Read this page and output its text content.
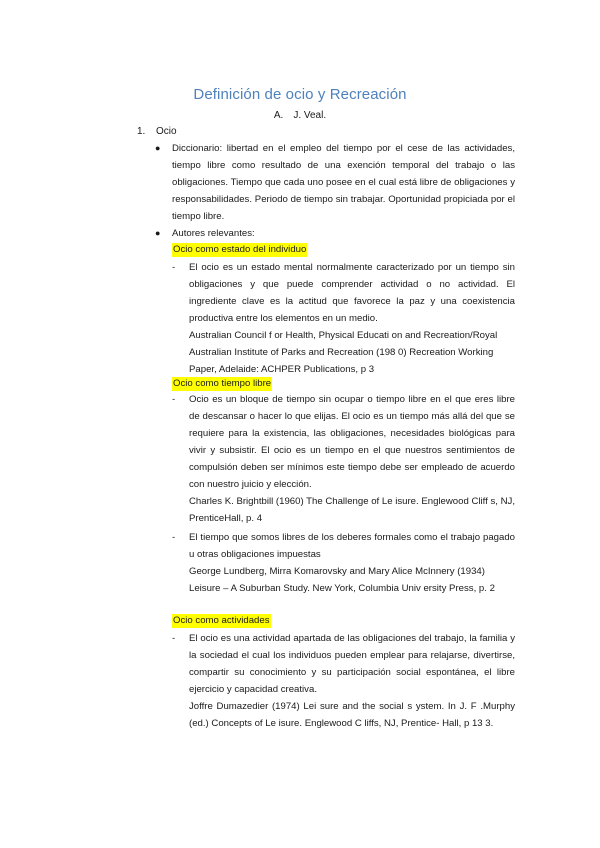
Definición de ocio y Recreación
A. J. Veal.
1. Ocio
●	Diccionario: libertad en el empleo del tiempo por el cese de las actividades, tiempo libre como resultado de una exención temporal del trabajo o las obligaciones. Tiempo que cada uno posee en el cual está libre de obligaciones y responsabilidades. Periodo de tiempo sin trabajar. Oportunidad propiciada por el tiempo libre.
●	Autores relevantes:
Ocio como estado del individuo
- El ocio es un estado mental normalmente caracterizado por un tiempo sin obligaciones y que puede comprender actividad o no actividad. El ingrediente clave es la actitud que favorece la paz y una coexistencia productiva entre los elementos en un medio.
Australian Council f or Health, Physical Educati on and Recreation/Royal Australian Institute of Parks and Recreation (198 0) Recreation Working Paper, Adelaide: ACHPER Publications, p 3
Ocio como tiempo libre
- Ocio es un bloque de tiempo sin ocupar o tiempo libre en el que eres libre de descansar o hacer lo que elijas. El ocio es un tiempo más allá del que se requiere para la existencia, las obligaciones, necesidades biológicas para vivir y subsistir. El ocio es un tiempo en el que nuestros sentimientos de compulsión deben ser mínimos este tiempo debe ser empleado de acuerdo con nuestro juicio y elección.
Charles K. Brightbill (1960) The Challenge of Le isure. Englewood Cliff s, NJ, PrenticeHall, p. 4
- El tiempo que somos libres de los deberes formales como el trabajo pagado u otras obligaciones impuestas
George Lundberg, Mirra Komarovsky and Mary Alice McInnery (1934) Leisure – A Suburban Study. New York, Columbia Univ ersity Press, p. 2
Ocio como actividades
- El ocio es una actividad apartada de las obligaciones del trabajo, la familia y la sociedad el cual los individuos pueden emplear para relajarse, divertirse, compartir su conocimiento y su participación social espontánea, el libre ejercicio y capacidad creativa.
Joffre Dumazedier (1974) Lei sure and the social s ystem. In J. F .Murphy (ed.) Concepts of Le isure. Englewood C liffs, NJ, Prentice- Hall, p 13 3.
